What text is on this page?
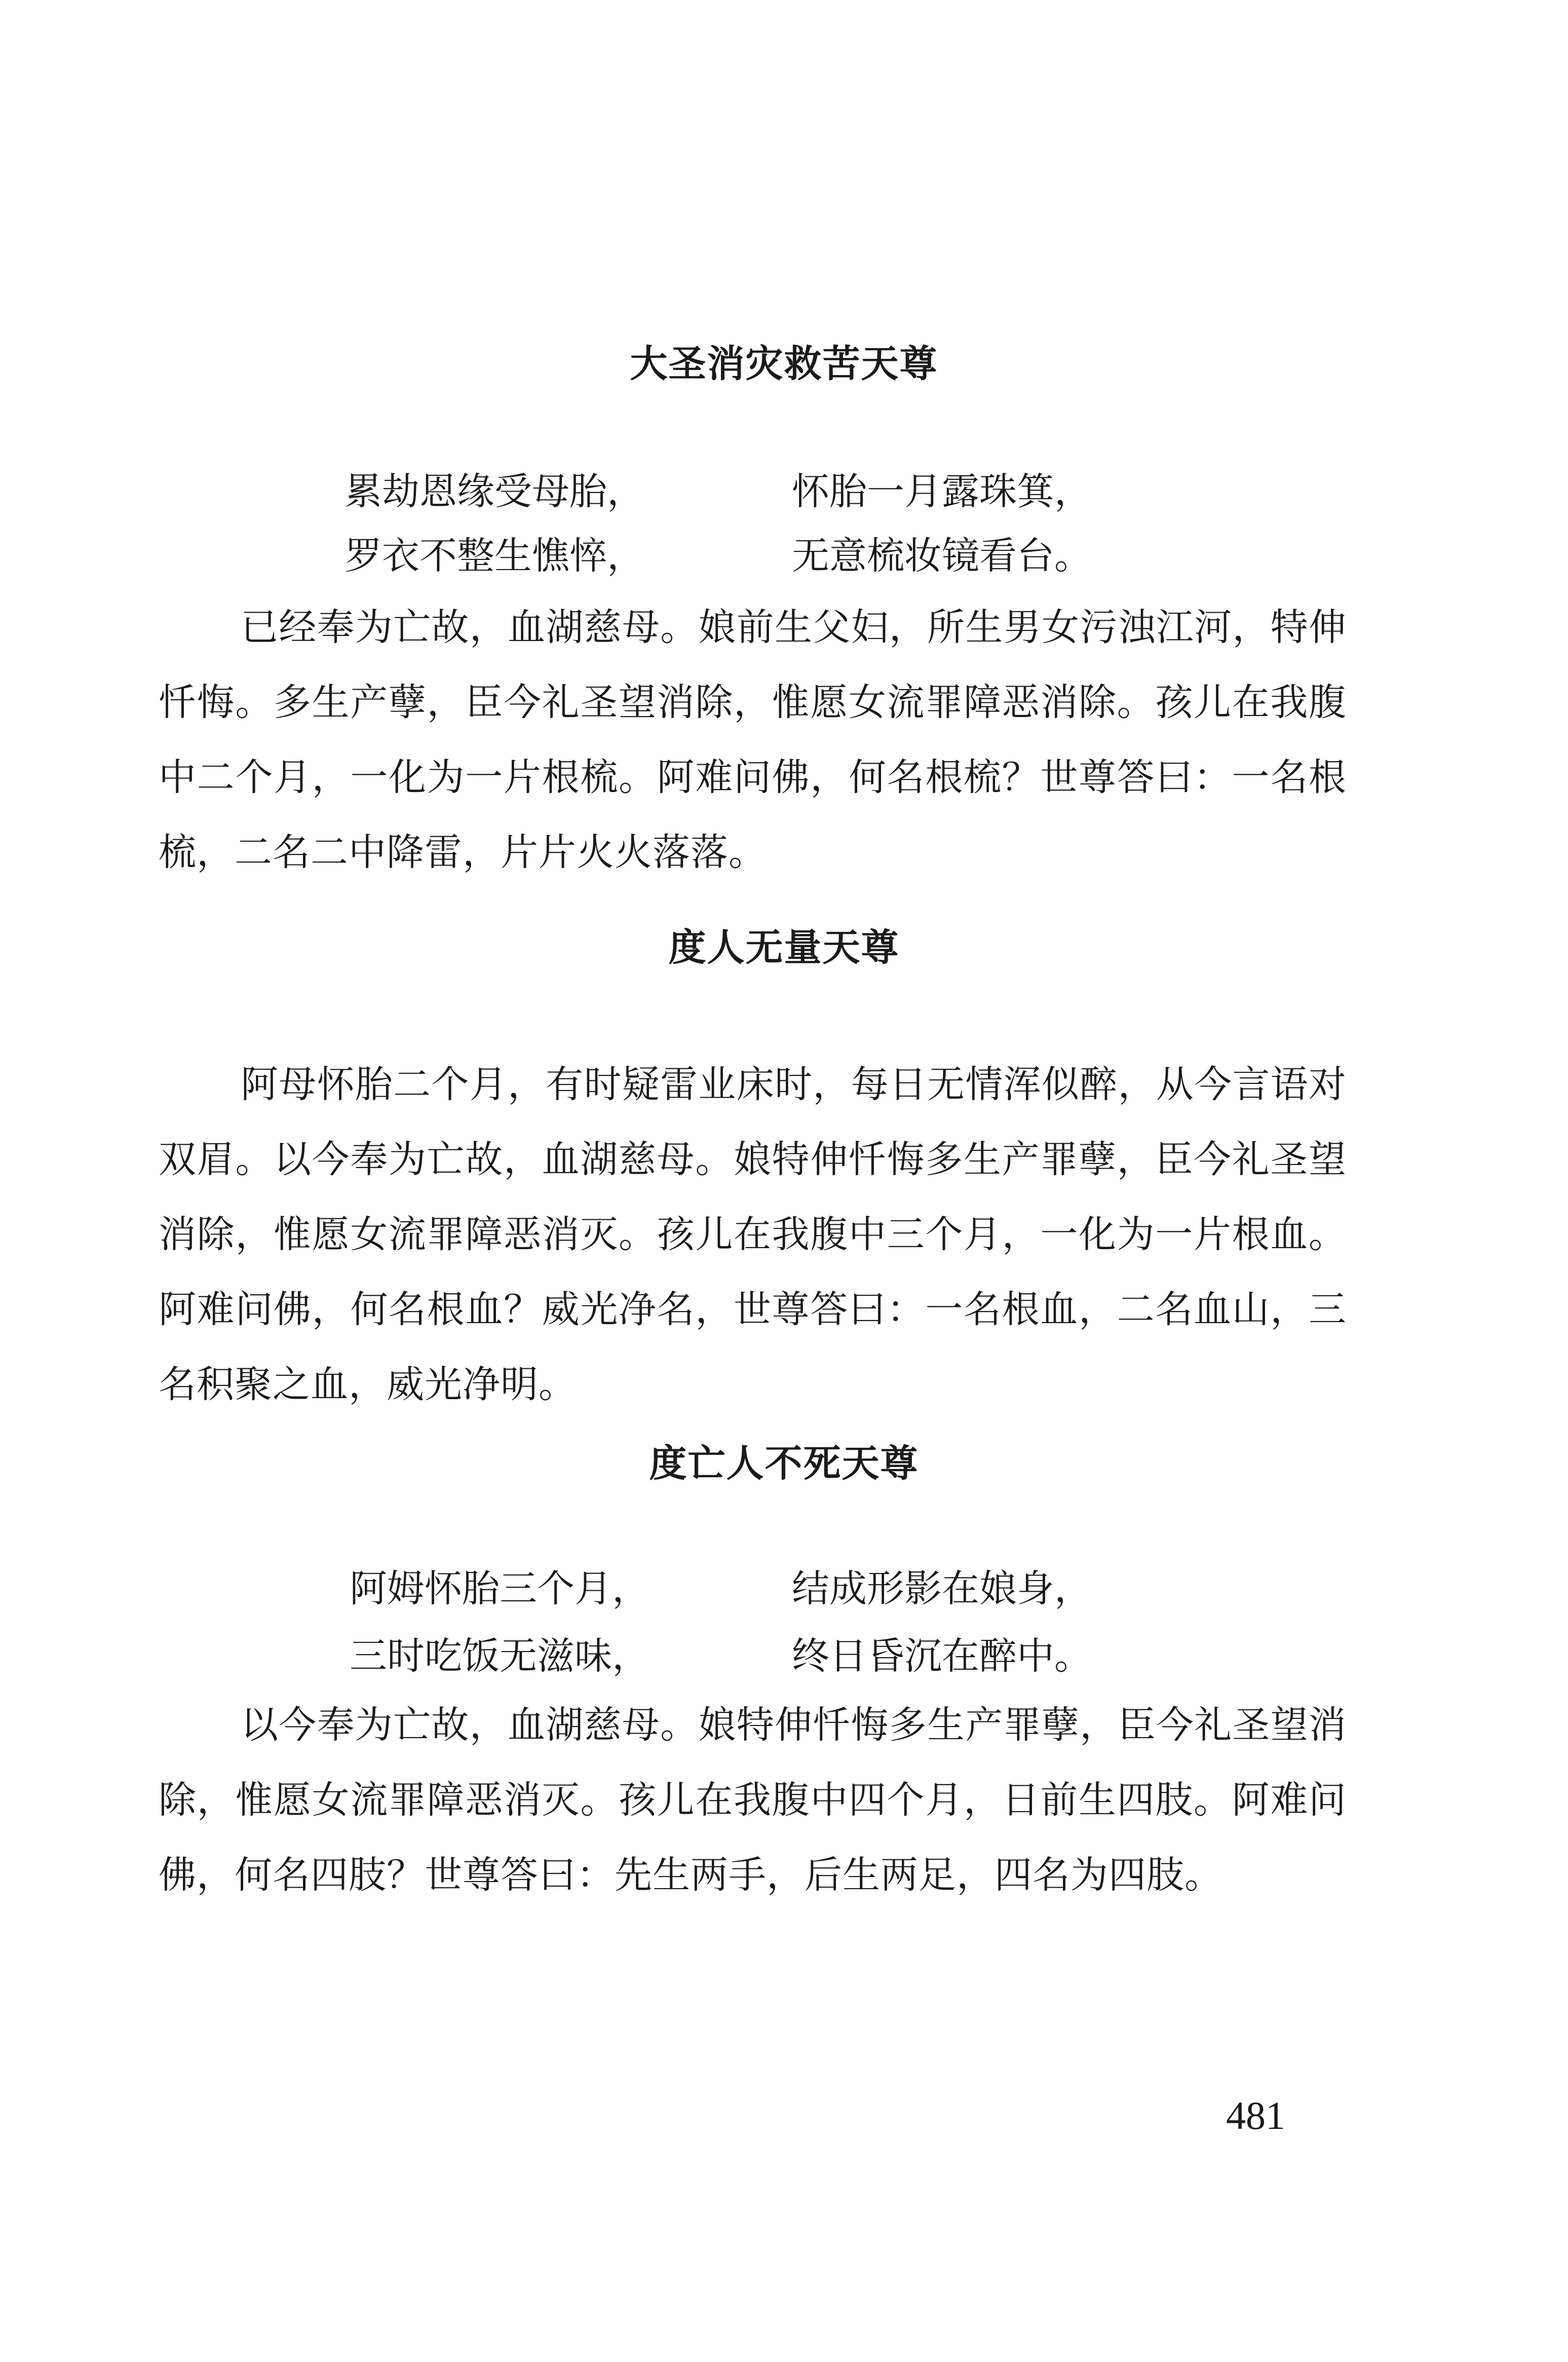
大圣消灾救苦天尊
累劫恩缘受母胎，	怀胎一月露珠箕，
罗衣不整生憔悴，	无意梳妆镜看台。
已经奉为亡故，血湖慈母。娘前生父妇，所生男女污浊江河，特伸忏悔。多生产孽，臣今礼圣望消除，惟愿女流罪障恶消除。孩儿在我腹中二个月，一化为一片根梳。阿难问佛，何名根梳？世尊答曰：一名根梳，二名二中降雷，片片火火落落。
度人无量天尊
阿母怀胎二个月，有时疑雷业床时，每日无情浑似醉，从今言语对双眉。以今奉为亡故，血湖慈母。娘特伸忏悔多生产罪孽，臣今礼圣望消除，惟愿女流罪障恶消灭。孩儿在我腹中三个月，一化为一片根血。阿难问佛，何名根血？威光净名，世尊答曰：一名根血，二名血山，三名积聚之血，威光净明。
度亡人不死天尊
阿姆怀胎三个月，	结成形影在娘身，
三时吃饭无滋味，	终日昏沉在醉中。
以今奉为亡故，血湖慈母。娘特伸忏悔多生产罪孽，臣今礼圣望消除，惟愿女流罪障恶消灭。孩儿在我腹中四个月，日前生四肢。阿难问佛，何名四肢？世尊答曰：先生两手，后生两足，四名为四肢。
481
